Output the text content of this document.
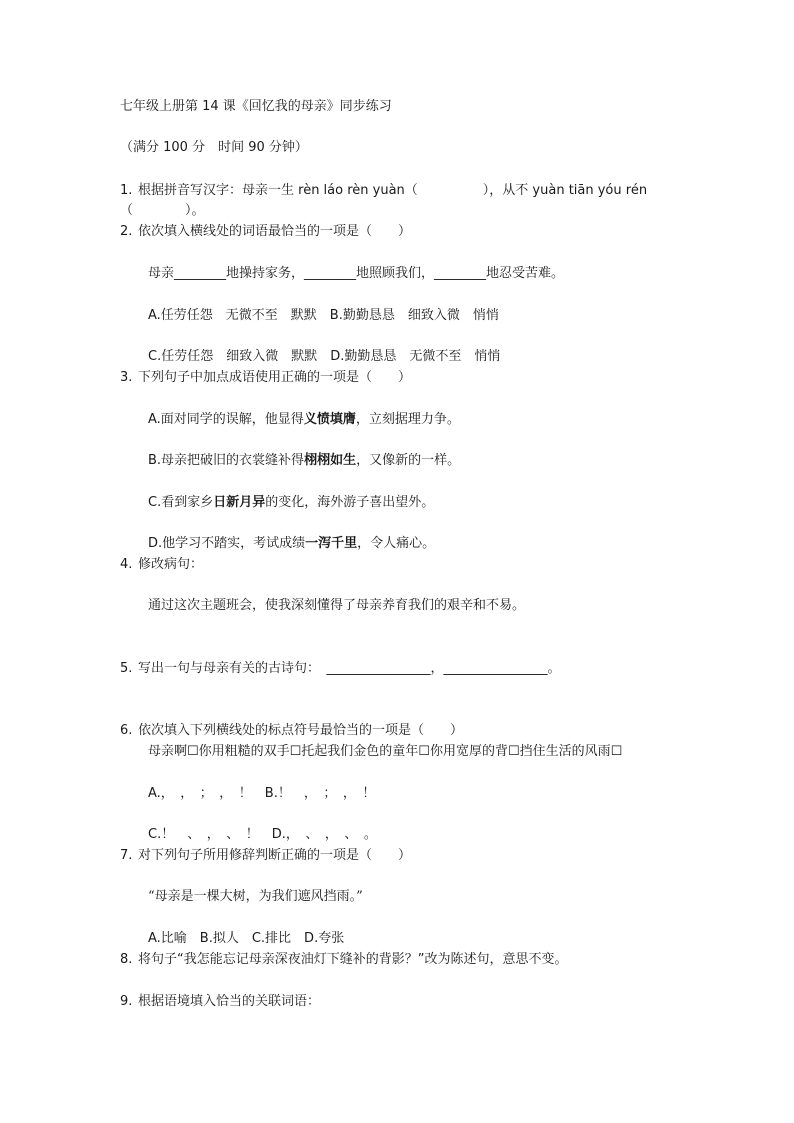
七年级上册第 14 课《回忆我的母亲》同步练习
（满分 100 分　时间 90 分钟）
1. 根据拼音写汉字：母亲一生 rèn láo rèn yuàn（　　　　　），从不 yuàn tiān yóu rén
（　　　　）。
2. 依次填入横线处的词语最恰当的一项是（　　）
母亲________地操持家务，________地照顾我们，________地忍受苦难。
A.任劳任怨　无微不至　默默　B.勤勤恳恳　细致入微　悄悄
C.任劳任怨　细致入微　默默　D.勤勤恳恳　无微不至　悄悄
3. 下列句子中加点成语使用正确的一项是（　　）
A.面对同学的误解，他显得义愤填膺，立刻据理力争。
B.母亲把破旧的衣裳缝补得栩栩如生，又像新的一样。
C.看到家乡日新月异的变化，海外游子喜出望外。
D.他学习不踏实，考试成绩一泻千里，令人痛心。
4. 修改病句：
通过这次主题班会，使我深刻懂得了母亲养育我们的艰辛和不易。
5. 写出一句与母亲有关的古诗句：　________________，________________。
6. 依次填入下列横线处的标点符号最恰当的一项是（　　）
母亲啊☐你用粗糙的双手☐托起我们金色的童年☐你用宽厚的背☐挡住生活的风雨☐
A.，　，　；　，　！　B.！　，　；　，　！
C.！　、　，　、　！　D.，　、　，　、　。
7. 对下列句子所用修辞判断正确的一项是（　　）
“母亲是一棵大树，为我们遮风挡雨。”
A.比喻　B.拟人　C.排比　D.夸张
8. 将句子“我怎能忘记母亲深夜油灯下缝补的背影？”改为陈述句，意思不变。
9. 根据语境填入恰当的关联词语：
